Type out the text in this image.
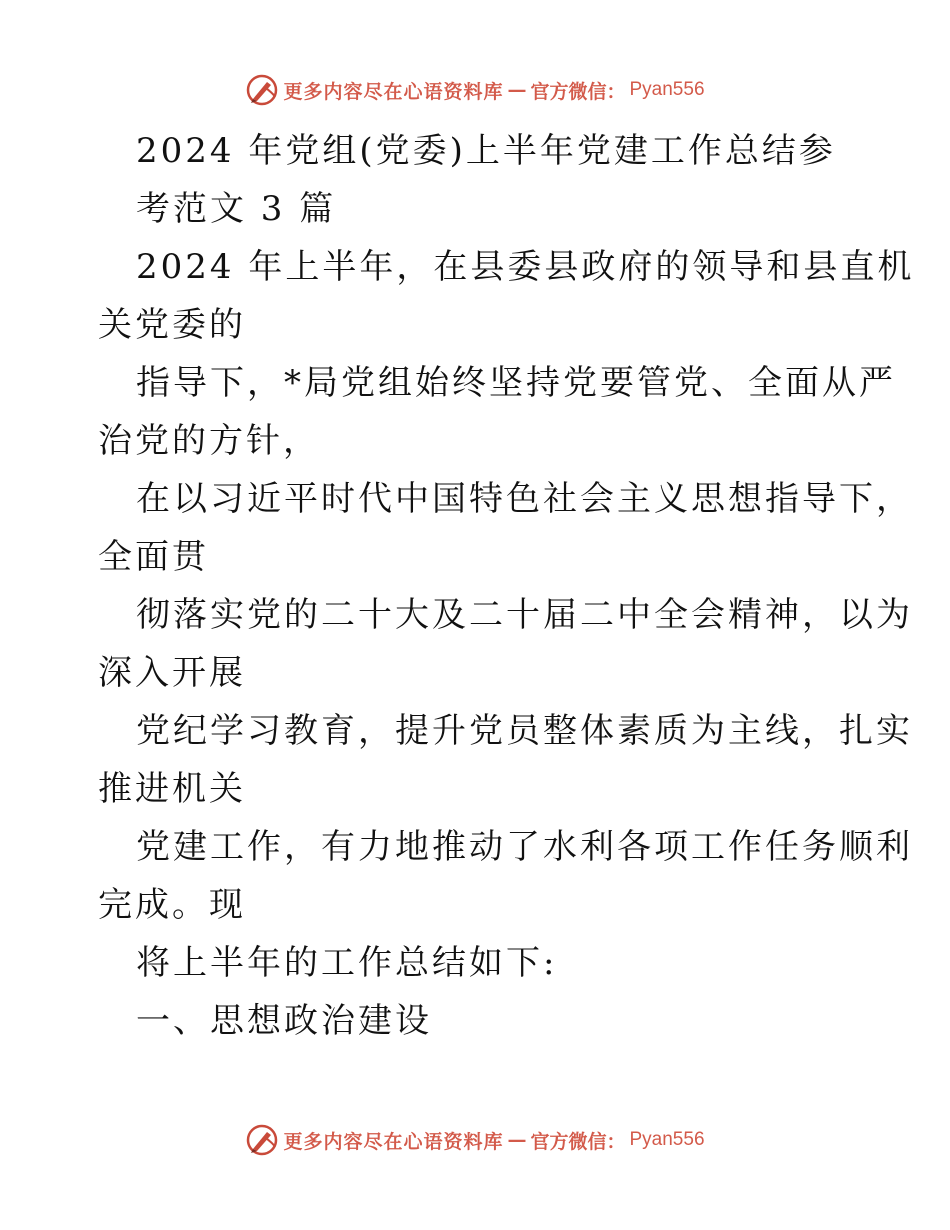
更多内容尽在心语资料库 — 官方微信： Pyan556
2024 年党组(党委)上半年党建工作总结参
考范文 3 篇
2024 年上半年，在县委县政府的领导和县直机
关党委的
指导下，*局党组始终坚持党要管党、全面从严
治党的方针，
在以习近平时代中国特色社会主义思想指导下，
全面贯
彻落实党的二十大及二十届二中全会精神，以为
深入开展
党纪学习教育，提升党员整体素质为主线，扎实
推进机关
党建工作，有力地推动了水利各项工作任务顺利
完成。现
将上半年的工作总结如下:
一、思想政治建设
更多内容尽在心语资料库 — 官方微信： Pyan556
